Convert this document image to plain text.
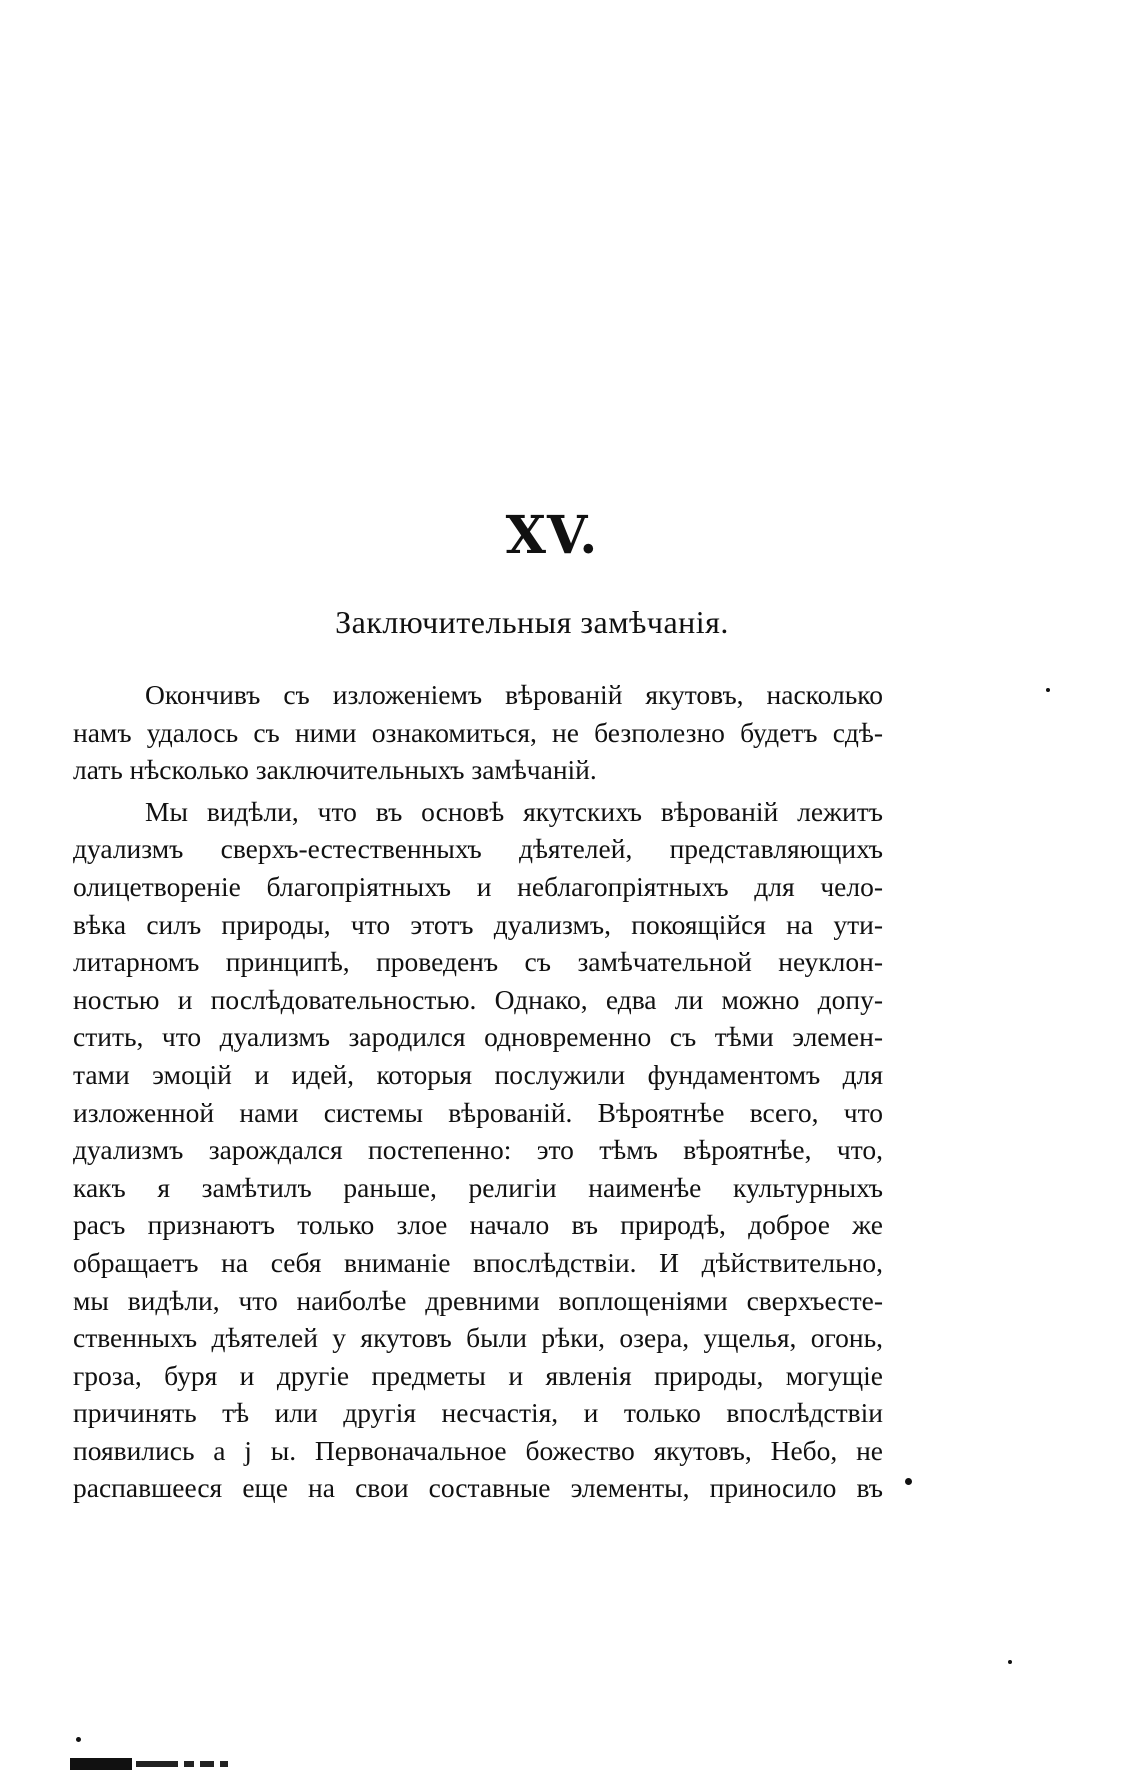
XV.
Заключительныя замѣчанія.
Окончивъ съ изложеніемъ вѣрованій якутовъ, насколько
намъ удалось съ ними ознакомиться, не безполезно будетъ сдѣ-
лать нѣсколько заключительныхъ замѣчаній.
Мы видѣли, что въ основѣ якутскихъ вѣрованій лежитъ
дуализмъ сверхъ-естественныхъ дѣятелей, представляющихъ
олицетвореніе благопріятныхъ и неблагопріятныхъ для чело-
вѣка силъ природы, что этотъ дуализмъ, покоящійся на ути-
литарномъ принципѣ, проведенъ съ замѣчательной неуклон-
ностью и послѣдовательностью. Однако, едва ли можно допу-
стить, что дуализмъ зародился одновременно съ тѣми элемен-
тами эмоцій и идей, которыя послужили фундаментомъ для
изложенной нами системы вѣрованій. Вѣроятнѣе всего, что
дуализмъ зарождался постепенно: это тѣмъ вѣроятнѣе, что,
какъ я замѣтилъ раньше, религіи наименѣе культурныхъ
расъ признаютъ только злое начало въ природѣ, доброе же
обращаетъ на себя вниманіе впослѣдствіи. И дѣйствительно,
мы видѣли, что наиболѣе древними воплощеніями сверхъесте-
ственныхъ дѣятелей у якутовъ были рѣки, озера, ущелья, огонь,
гроза, буря и другіе предметы и явленія природы, могущіе
причинять тѣ или другія несчастія, и только впослѣдствіи
появились а j ы. Первоначальное божество якутовъ, Небо, не
распавшееся еще на свои составные элементы, приносило въ
